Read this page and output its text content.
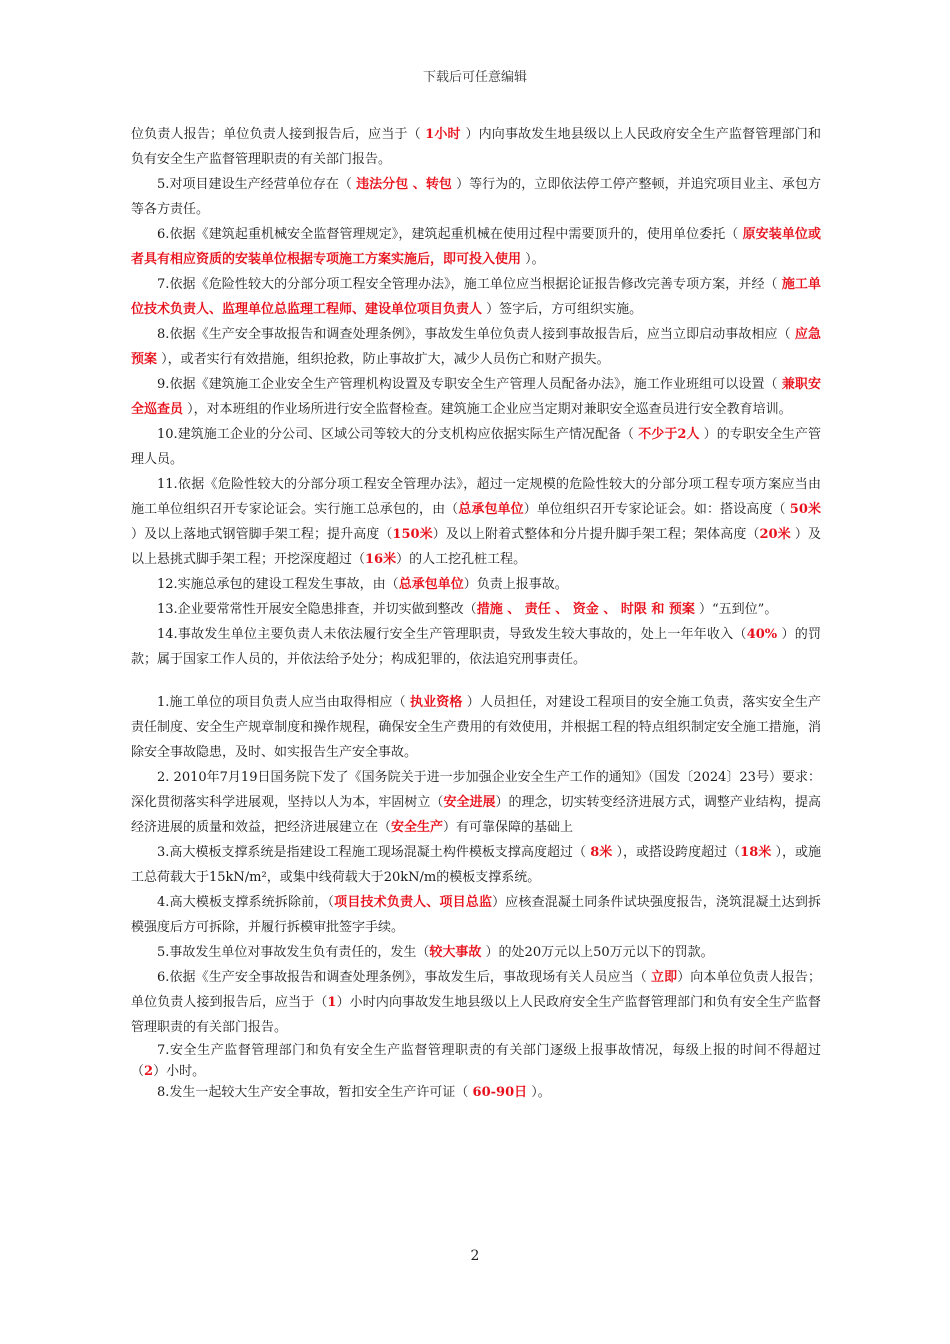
下载后可任意编辑

位负责人报告；单位负责人接到报告后，应当于（ 1小时 ）内向事故发生地县级以上人民政府安全生产监督管理部门和负有安全生产监督管理职责的有关部门报告。

5.对项目建设生产经营单位存在（ 违法分包 、转包 ）等行为的，立即依法停工停产整顿，并追究项目业主、承包方等各方责任。

6.依据《建筑起重机械安全监督管理规定》，建筑起重机械在使用过程中需要顶升的，使用单位委托（ 原安装单位或者具有相应资质的安装单位根据专项施工方案实施后，即可投入使用 ）。

7.依据《危险性较大的分部分项工程安全管理办法》，施工单位应当根据论证报告修改完善专项方案，并经（ 施工单位技术负责人、监理单位总监理工程师、建设单位项目负责人 ）签字后，方可组织实施。

8.依据《生产安全事故报告和调查处理条例》，事故发生单位负责人接到事故报告后，应当立即启动事故相应（ 应急预案 ），或者实行有效措施，组织抢救，防止事故扩大，减少人员伤亡和财产损失。

9.依据《建筑施工企业安全生产管理机构设置及专职安全生产管理人员配备办法》，施工作业班组可以设置（ 兼职安全巡查员 ），对本班组的作业场所进行安全监督检查。建筑施工企业应当定期对兼职安全巡查员进行安全教育培训。

10.建筑施工企业的分公司、区域公司等较大的分支机构应依据实际生产情况配备（ 不少于2人 ）的专职安全生产管理人员。

11.依据《危险性较大的分部分项工程安全管理办法》，超过一定规模的危险性较大的分部分项工程专项方案应当由施工单位组织召开专家论证会。实行施工总承包的，由（总承包单位）单位组织召开专家论证会。如：搭设高度（ 50米 ）及以上落地式钢管脚手架工程；提升高度（150米）及以上附着式整体和分片提升脚手架工程；架体高度（20米 ）及以上悬挑式脚手架工程；开挖深度超过（16米）的人工挖孔桩工程。

12.实施总承包的建设工程发生事故，由（总承包单位）负责上报事故。

13.企业要常常性开展安全隐患排查，并切实做到整改（措施 、 责任 、 资金 、 时限 和 预案 ）“五到位”。

14.事故发生单位主要负责人未依法履行安全生产管理职责，导致发生较大事故的，处上一年年收入（40% ）的罚款；属于国家工作人员的，并依法给予处分；构成犯罪的，依法追究刑事责任。

1.施工单位的项目负责人应当由取得相应（ 执业资格 ）人员担任，对建设工程项目的安全施工负责，落实安全生产责任制度、安全生产规章制度和操作规程，确保安全生产费用的有效使用，并根据工程的特点组织制定安全施工措施，消除安全事故隐患，及时、如实报告生产安全事故。

2. 2010年7月19日国务院下发了《国务院关于进一步加强企业安全生产工作的通知》（国发〔2024〕23号）要求：深化贯彻落实科学进展观，坚持以人为本，牢固树立（安全进展）的理念，切实转变经济进展方式，调整产业结构，提高经济进展的质量和效益，把经济进展建立在（安全生产）有可靠保障的基础上

3.高大模板支撑系统是指建设工程施工现场混凝土构件模板支撑高度超过（ 8米 ），或搭设跨度超过（18米 ），或施工总荷载大于15kN/m²，或集中线荷载大于20kN/m的模板支撑系统。

4.高大模板支撑系统拆除前，（项目技术负责人、项目总监）应核查混凝土同条件试块强度报告，浇筑混凝土达到拆模强度后方可拆除，并履行拆模审批签字手续。

5.事故发生单位对事故发生负有责任的，发生（较大事故 ）的处20万元以上50万元以下的罚款。

6.依据《生产安全事故报告和调查处理条例》，事故发生后，事故现场有关人员应当（ 立即）向本单位负责人报告；单位负责人接到报告后，应当于（1）小时内向事故发生地县级以上人民政府安全生产监督管理部门和负有安全生产监督管理职责的有关部门报告。

7.安全生产监督管理部门和负有安全生产监督管理职责的有关部门逐级上报事故情况，每级上报的时间不得超过（2）小时。

8.发生一起较大生产安全事故，暂扣安全生产许可证（ 60-90日 ）。

2
